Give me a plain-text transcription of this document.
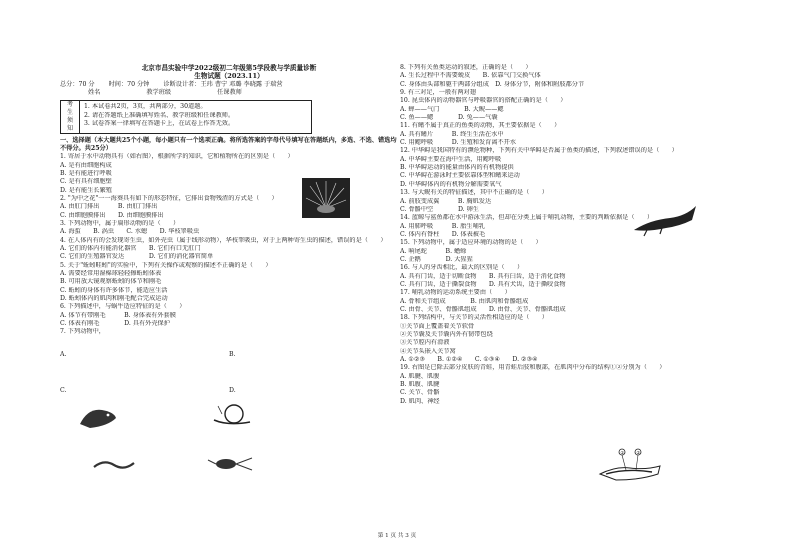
北京市昌实验中学2022级初二年级第5学段教与学质量诊断
生物试题（2023.11）
总分：70 分 时间：70 分钟 诊断设计者：王玮 曹宁 邓璐 李晓露 于瑞营
姓名	教学班级	任课教师
考
生
须
知
1. 本试卷共2页，3页，共两部分，30道题。
2. 请在答题纸上准确填写姓名、教学班级和任课教师。
3. 试卷答案一律填写在答题卡上，在试卷上作答无效。
一、选择题（本大题共25个小题，每小题只有一个选项正确。将所选答案的字母代号填写在答题纸内，多选、不选、错选均不得分。共25分）
1. 寄居于水中动物具有（如右图），根据所学的知识，它和植物所在的区别是（　　）
A. 是有由细胞构成
B. 是有能进行呼吸
C. 是有具有细胞壁
D. 是有能生长繁殖
2. "为中之花"一一海葵具有如下的形态特征，它排出食物残渣的方式是（　　）
A. 由肛门排出　　　B. 由肛门排出
C. 由细胞膜排出　　D. 由细胞膜排出
3. 下列动物中，属于扁形动物的是（　　）
A. 海蜇　　B. 涡虫　　C. 水螅　　D. 华枝睾吸虫
4. 在人体内有的会发现寄生虫，如外壳虫（属于线形动物），华枝睾吸虫，对于上两种寄生虫的描述，错误的是（　　）
A. 它们的体内有能消化器官　　B. 它们有口无肛门
C. 它们的生殖器官发达　　　　D. 它们的消化器官简单
5. 关于"蚯蚓畦蚓"的实验中，下列有关操作或观察的描述不正确的是（　　）
A. 需要经常用湿棉球轻轻擦蚯蚓体表
B. 可用放大镜观察蚯蚓的体节和刚毛
C. 蚯蚓的身体有许多体节，能适应生活
D. 蚯蚓体内的肌肉和刚毛配合完成运动
6. 下列描述中，与蜗牛适应特征的是（　　）
A. 体节有带刚毛　　　B. 身体表有外套膜
C. 体表有刚毛　　　　D. 具有外壳保护
7. 下列动物中，
A.	B.
C.	D.
8. 下列有关鱼类运动的叙述，正确的是（　　）
A. 生长过程中不需要蜕皮　　B. 依靠气门交换气体
C. 身体由头部和躯干两部分组成　D. 身体分节，附体和附肢都分节
9. 有三对足，一般有两对翅
10. 昆虫体内的动物器官与呼吸器官的搭配正确的是（　　）
A. 蝉——气门　　　　B. 大鲵——鳃
C. 鱼——鳃　　　　D. 兔——气囊
11. 有鳍不属于真正的鱼类的动物，其主要依据是（　　）
A. 具有鳍片　　　B. 终生生活在水中
C. 用鳃呼吸　　　D. 生殖和发育离不开水
12. 中华鲟是我国特有的濒危物种，下列有关中华鲟是否属于鱼类的描述，下列叙述错误的是（　　）
A. 中华鲟主要在海中生活，用鳃呼吸
B. 中华鲟运动的能量由体内的有机物提供
C. 中华鲟在游泳时主要依靠体型和鳍来运动
D. 中华鲟体内的有机物分解需要氧气
13. 与大鲵有关的特征描述，其中不正确的是（　　）
A. 前肢变成翼　　　B. 胸肌发达
C. 骨骼中空　　　　D. 卵生
14. 蓝鲸与鲨鱼都在水中游泳生活，但却在分类上属于哺乳动物，主要的判断依据是（　　）
A. 用肺呼吸　　　B. 胎生哺乳
C. 体内有脊柱　　D. 体表被毛
15. 下列动物中，属于适应环境的动物的是（　　）
A. 响尾蛇　　　B. 蟾蜍
C. 企鹅　　　　D. 大猩猩
16. 与人的牙齿相比，最大的区别是（　　）
A. 具有门齿，适于切断食物　　B. 具有臼齿，适于消化食物
C. 具有门齿，适于撕裂食物　　D. 具有犬齿，适于撕咬食物
17. 哺乳动物的运动系统主要由（　　）
A. 骨和关节组成　　　　B. 由肌肉和骨骼组成
C. 由骨、关节、骨骼肌组成　　D. 由骨、关节、骨骼肌组成
18. 下列结构中，与关节的灵活性相适应的是（　　）
①关节面上覆盖着关节软骨
②关节囊及关节囊内外有韧带包绕
③关节腔内有滑液
④关节头嵌入关节窝
A. ①②③　　B. ①②④　　C. ①③④　　D. ②③④
19. 右图是已除去部分皮肤的青蛙，用青蛙后肢和腹部，在肌肉中分布的结构①②分别为（　　）
A. 肌腱、肌腹
B. 肌腹、肌腱
C. 关节、骨骼
D. 肌肉、神经
①	②
第 1 页 共 3 页
